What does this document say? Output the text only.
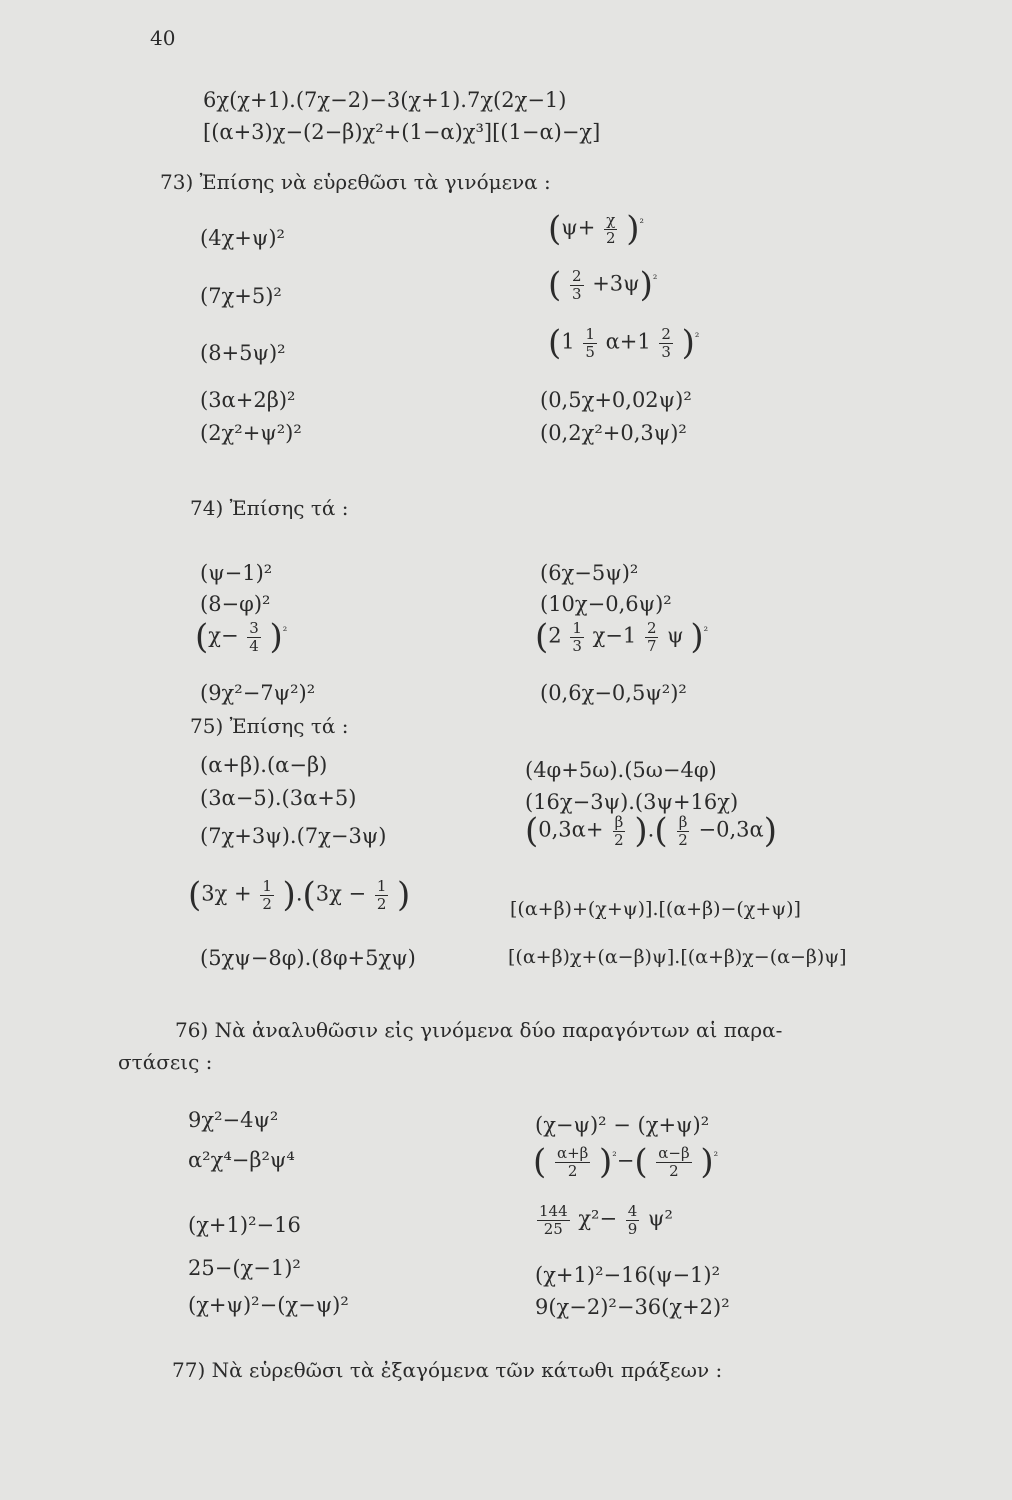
40
6χ(χ+1).(7χ−2)−3(χ+1).7χ(2χ−1)
[(α+3)χ−(2−β)χ²+(1−α)χ³][(1−α)−χ]
73) Ἐπίσης νὰ εὑρεθῶσι τὰ γινόμενα :
(4χ+ψ)²
(7χ+5)²
(8+5ψ)²
(3α+2β)²
(2χ²+ψ²)²
$(\psi+ \frac{\chi}{2} )^{^2}$
( $\frac{2}{3} +3\psi)^{^2}$
$(1 \frac{1}{5} \alpha+1 \frac{2}{3} )^{^2}$
(0,5χ+0,02ψ)²
(0,2χ²+0,3ψ)²
74) Ἐπίσης τά :
(ψ−1)²
(8−φ)²
$(\chi- \frac{3}{4} )^{^2}$
(9χ²−7ψ²)²
(6χ−5ψ)²
(10χ−0,6ψ)²
($2 \frac{1}{3} \chi-1 \frac{2}{7}$ ψ )$^{^2}$
(0,6χ−0,5ψ²)²
75) Ἐπίσης τά :
(α+β).(α−β)
(3α−5).(3α+5)
(7χ+3ψ).(7χ−3ψ)
(4φ+5ω).(5ω−4φ)
(16χ−3ψ).(3ψ+16χ)
($0,3\alpha+ \frac{\beta}{2}$ ).( $\frac{\beta}{2} -0,3\alpha$)
$(3\chi + \frac{1}{2} ).(3\chi - \frac{1}{2}$ )	[(α+β)+(χ+ψ)].[(α+β)−(χ+ψ)]
(5χψ−8φ).(8φ+5χψ)	[(α+β)χ+(α−β)ψ].[(α+β)χ−(α−β)ψ]
76) Νὰ ἀναλυθῶσιν εἰς γινόμενα δύο παραγόντων αἱ παρα-
στάσεις :
9χ²−4ψ²
α²χ⁴−β²ψ⁴
(χ+1)²−16
25−(χ−1)²
(χ+ψ)²−(χ−ψ)²
(χ−ψ)² − (χ+ψ)²
( $\frac{\alpha+\beta}{2} )^{^2}-( \frac{\alpha-\beta}{2} )^{^2}$
$\frac{144}{25} \chi^2- \frac{4}{9} \psi^2$
(χ+1)²−16(ψ−1)²
9(χ−2)²−36(χ+2)²
77) Νὰ εὑρεθῶσι τὰ ἐξαγόμενα τῶν κάτωθι πράξεων :
